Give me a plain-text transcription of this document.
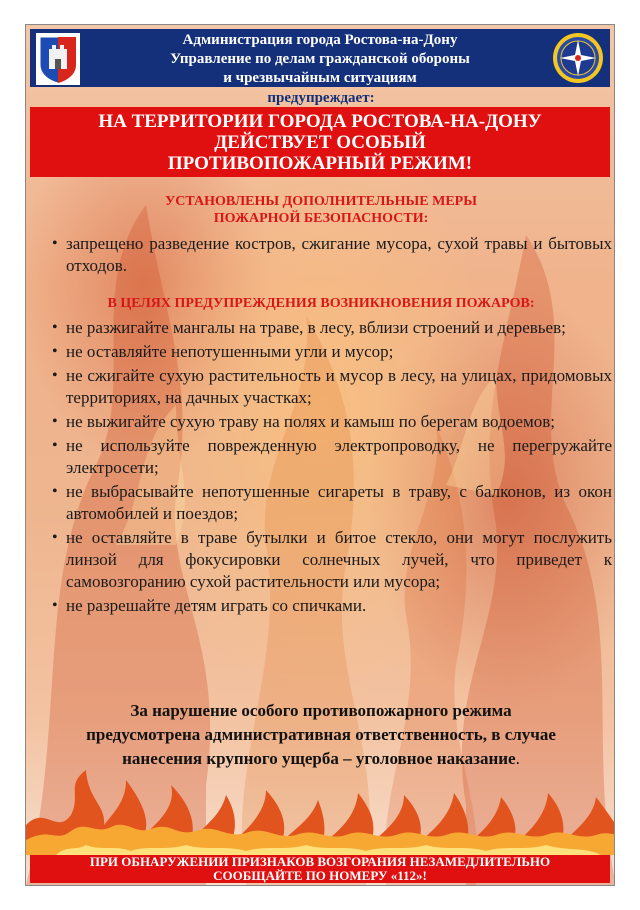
Администрация города Ростова-на-Дону
Управление по делам гражданской обороны
и чрезвычайным ситуациям
предупреждает:
НА ТЕРРИТОРИИ ГОРОДА РОСТОВА-НА-ДОНУ
ДЕЙСТВУЕТ ОСОБЫЙ
ПРОТИВОПОЖАРНЫЙ РЕЖИМ!
УСТАНОВЛЕНЫ ДОПОЛНИТЕЛЬНЫЕ МЕРЫ
ПОЖАРНОЙ БЕЗОПАСНОСТИ:
• запрещено разведение костров, сжигание мусора, сухой травы и бытовых отходов.
В ЦЕЛЯХ ПРЕДУПРЕЖДЕНИЯ ВОЗНИКНОВЕНИЯ ПОЖАРОВ:
• не разжигайте мангалы на траве, в лесу, вблизи строений и деревьев;
• не оставляйте непотушенными угли и мусор;
• не сжигайте сухую растительность и мусор в лесу, на улицах, придомовых территориях, на дачных участках;
• не выжигайте сухую траву на полях и камыш по берегам водоемов;
• не используйте поврежденную электропроводку, не перегружайте электросети;
• не выбрасывайте непотушенные сигареты в траву, с балконов, из окон автомобилей и поездов;
• не оставляйте в траве бутылки и битое стекло, они могут послужить линзой для фокусировки солнечных лучей, что приведет к самовозгоранию сухой растительности или мусора;
• не разрешайте детям играть со спичками.
За нарушение особого противопожарного режима
предусмотрена административная ответственность, в случае
нанесения крупного ущерба – уголовное наказание.
ПРИ ОБНАРУЖЕНИИ ПРИЗНАКОВ ВОЗГОРАНИЯ НЕЗАМЕДЛИТЕЛЬНО
СООБЩАЙТЕ ПО НОМЕРУ «112»!
